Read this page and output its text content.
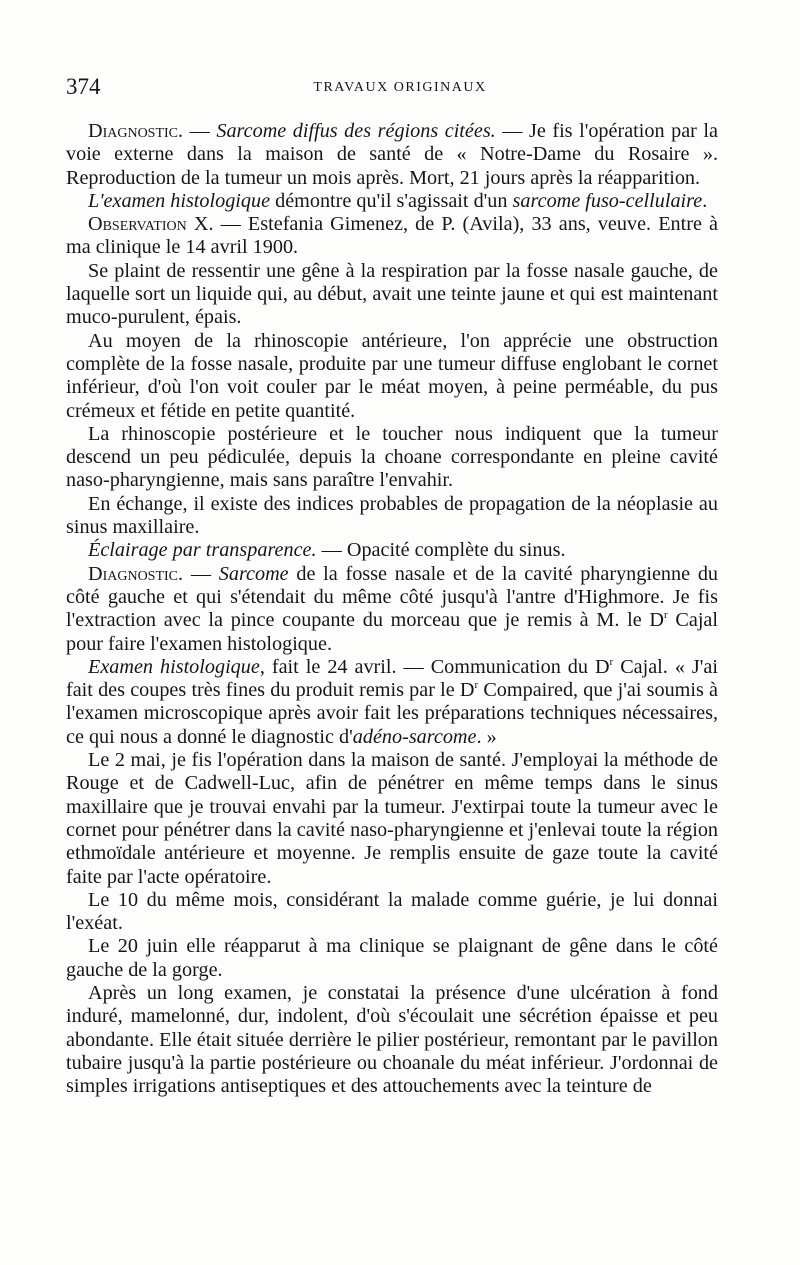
374	TRAVAUX ORIGINAUX

Diagnostic. — Sarcome diffus des régions citées. — Je fis l'opération par la voie externe dans la maison de santé de « Notre-Dame du Rosaire ». Reproduction de la tumeur un mois après. Mort, 21 jours après la réapparition.

L'examen histologique démontre qu'il s'agissait d'un sarcome fuso-cellulaire.

Observation X. — Estefania Gimenez, de P. (Avila), 33 ans, veuve. Entre à ma clinique le 14 avril 1900.

Se plaint de ressentir une gêne à la respiration par la fosse nasale gauche, de laquelle sort un liquide qui, au début, avait une teinte jaune et qui est maintenant muco-purulent, épais.

Au moyen de la rhinoscopie antérieure, l'on apprécie une obstruction complète de la fosse nasale, produite par une tumeur diffuse englobant le cornet inférieur, d'où l'on voit couler par le méat moyen, à peine perméable, du pus crémeux et fétide en petite quantité.

La rhinoscopie postérieure et le toucher nous indiquent que la tumeur descend un peu pédiculée, depuis la choane correspondante en pleine cavité naso-pharyngienne, mais sans paraître l'envahir.

En échange, il existe des indices probables de propagation de la néoplasie au sinus maxillaire.

Éclairage par transparence. — Opacité complète du sinus.

Diagnostic. — Sarcome de la fosse nasale et de la cavité pharyngienne du côté gauche et qui s'étendait du même côté jusqu'à l'antre d'Highmore. Je fis l'extraction avec la pince coupante du morceau que je remis à M. le $D^r$ Cajal pour faire l'examen histologique.

Examen histologique, fait le 24 avril. — Communication du $D^r$ Cajal. « J'ai fait des coupes très fines du produit remis par le $D^r$ Compaired, que j'ai soumis à l'examen microscopique après avoir fait les préparations techniques nécessaires, ce qui nous a donné le diagnostic d'adéno-sarcome. »

Le 2 mai, je fis l'opération dans la maison de santé. J'employai la méthode de Rouge et de Cadwell-Luc, afin de pénétrer en même temps dans le sinus maxillaire que je trouvai envahi par la tumeur. J'extirpai toute la tumeur avec le cornet pour pénétrer dans la cavité naso-pharyngienne et j'enlevai toute la région ethmoïdale antérieure et moyenne. Je remplis ensuite de gaze toute la cavité faite par l'acte opératoire.

Le 10 du même mois, considérant la malade comme guérie, je lui donnai l'exéat.

Le 20 juin elle réapparut à ma clinique se plaignant de gêne dans le côté gauche de la gorge.

Après un long examen, je constatai la présence d'une ulcération à fond induré, mamelonné, dur, indolent, d'où s'écoulait une sécrétion épaisse et peu abondante. Elle était située derrière le pilier postérieur, remontant par le pavillon tubaire jusqu'à la partie postérieure ou choanale du méat inférieur. J'ordonnai de simples irrigations antiseptiques et des attouchements avec la teinture de
